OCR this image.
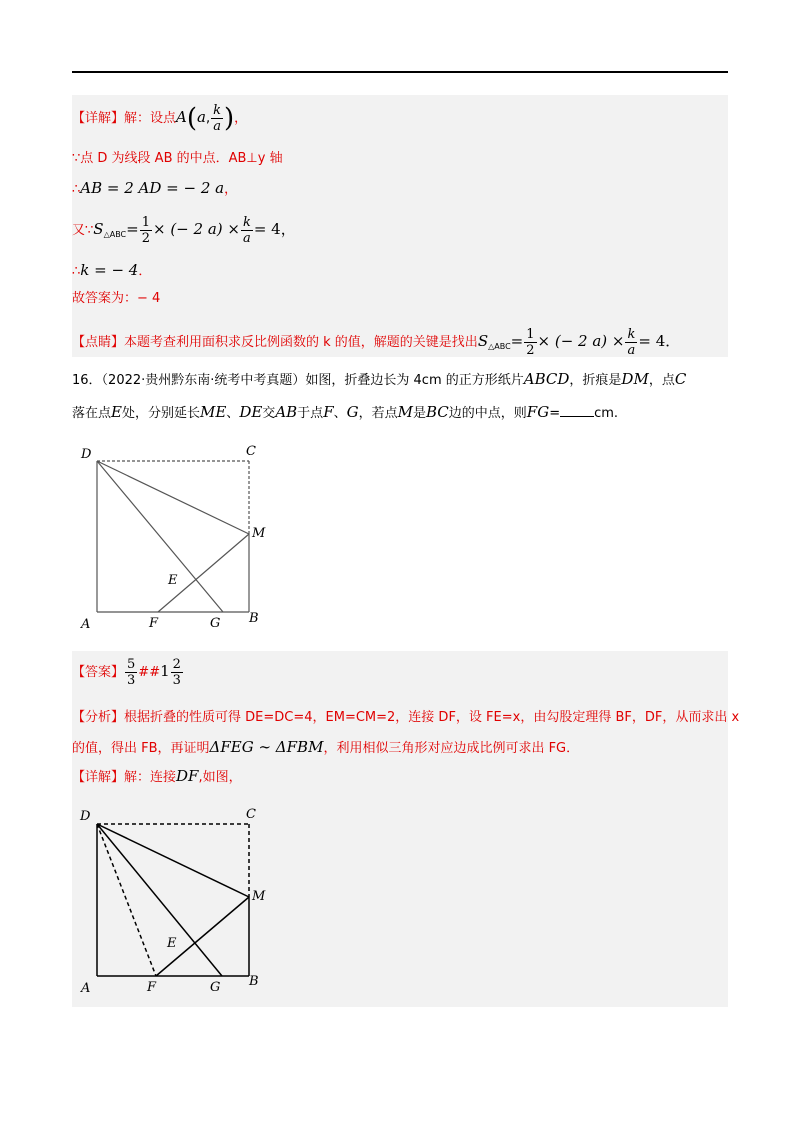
【详解】解：设点A(a, $\frac{k}{a}$ )，
∵点 D 为线段 AB 的中点．AB⊥y 轴
∴AB = 2 AD = − 2 a，
又$\because S_{\triangle ABC}= \frac{1}{2}$ × (− 2 $a) \times \frac{k}{a} = 4$，
∴k = − 4．
故答案为：− 4
【点睛】本题考查利用面积求反比例函数的 k 的值，解题的关键是找出$S_{\triangle ABC}= \frac{1}{2}$ × (− 2 $a) \times \frac{k}{a} = 4$．
16．（2022·贵州黔东南·统考中考真题）如图，折叠边长为 4cm 的正方形纸片ABCD，折痕是DM，点C
落在点E处，分别延长ME、DE交AB于点F、G，若点M是BC边的中点，则FG=	cm.
D	C
M
E
A	F	G B
【答案】 $\frac{5}{3}$ ##1 $\frac{2}{3}$
【分析】根据折叠的性质可得 DE=DC=4，EM=CM=2，连接 DF，设 FE=x，由勾股定理得 BF，DF，从而求出 x
的值，得出 FB，再证明ΔFEG ∼ ΔFBM，利用相似三角形对应边成比例可求出 FG．
【详解】解：连接DF,如图，
D	C
M
E
A	F	G B
